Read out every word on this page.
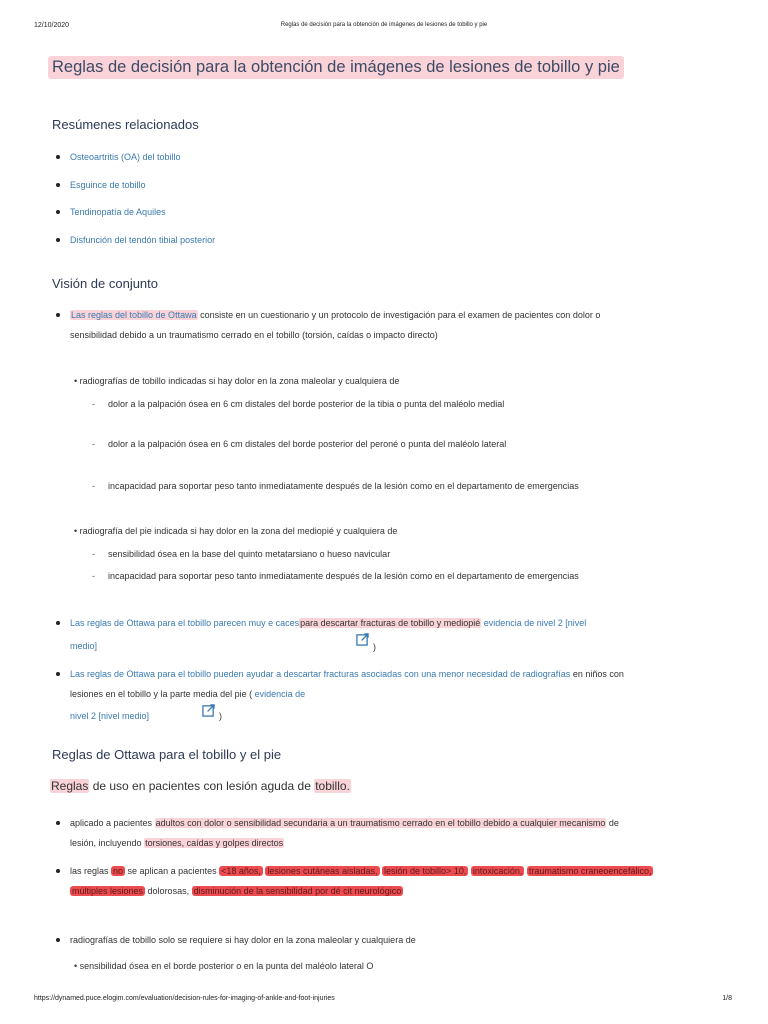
12/10/2020	Reglas de decisión para la obtención de imágenes de lesiones de tobillo y pie
Reglas de decisión para la obtención de imágenes de lesiones de tobillo y pie
Resúmenes relacionados
Osteoartritis (OA) del tobillo
Esguince de tobillo
Tendinopatía de Aquiles
Disfunción del tendón tibial posterior
Visión de conjunto
Las reglas del tobillo de Ottawa consiste en un cuestionario y un protocolo de investigación para el examen de pacientes con dolor o
sensibilidad debido a un traumatismo cerrado en el tobillo (torsión, caídas o impacto directo)
• radiografías de tobillo indicadas si hay dolor en la zona maleolar y cualquiera de
- dolor a la palpación ósea en 6 cm distales del borde posterior de la tibia o punta del maléolo medial
- dolor a la palpación ósea en 6 cm distales del borde posterior del peroné o punta del maléolo lateral
- incapacidad para soportar peso tanto inmediatamente después de la lesión como en el departamento de emergencias
• radiografía del pie indicada si hay dolor en la zona del mediopié y cualquiera de
- sensibilidad ósea en la base del quinto metatarsiano o hueso navicular
- incapacidad para soportar peso tanto inmediatamente después de la lesión como en el departamento de emergencias
Las reglas de Ottawa para el tobillo parecen muy e cacespara descartar fracturas de tobillo y mediopié evidencia de nivel 2 [nivel
medio]	)
Las reglas de Ottawa para el tobillo pueden ayudar a descartar fracturas asociadas con una menor necesidad de radiografías en niños con
lesiones en el tobillo y la parte media del pie ( evidencia de
nivel 2 [nivel medio]	)
Reglas de Ottawa para el tobillo y el pie
Reglas de uso en pacientes con lesión aguda de tobillo.
aplicado a pacientes adultos con dolor o sensibilidad secundaria a un traumatismo cerrado en el tobillo debido a cualquier mecanismo de
lesión, incluyendo torsiones, caídas y golpes directos
las reglas no se aplican a pacientes <18 años, lesiones cutáneas aisladas, lesión de tobillo> 10, intoxicación, traumatismo craneoencefálico,
múltiples lesiones dolorosas, disminución de la sensibilidad por dé cit neurológico
radiografías de tobillo solo se requiere si hay dolor en la zona maleolar y cualquiera de
• sensibilidad ósea en el borde posterior o en la punta del maléolo lateral O
https://dynamed.puce.elogim.com/evaluation/decision-rules-for-imaging-of-ankle-and-foot-injuries	1/8
